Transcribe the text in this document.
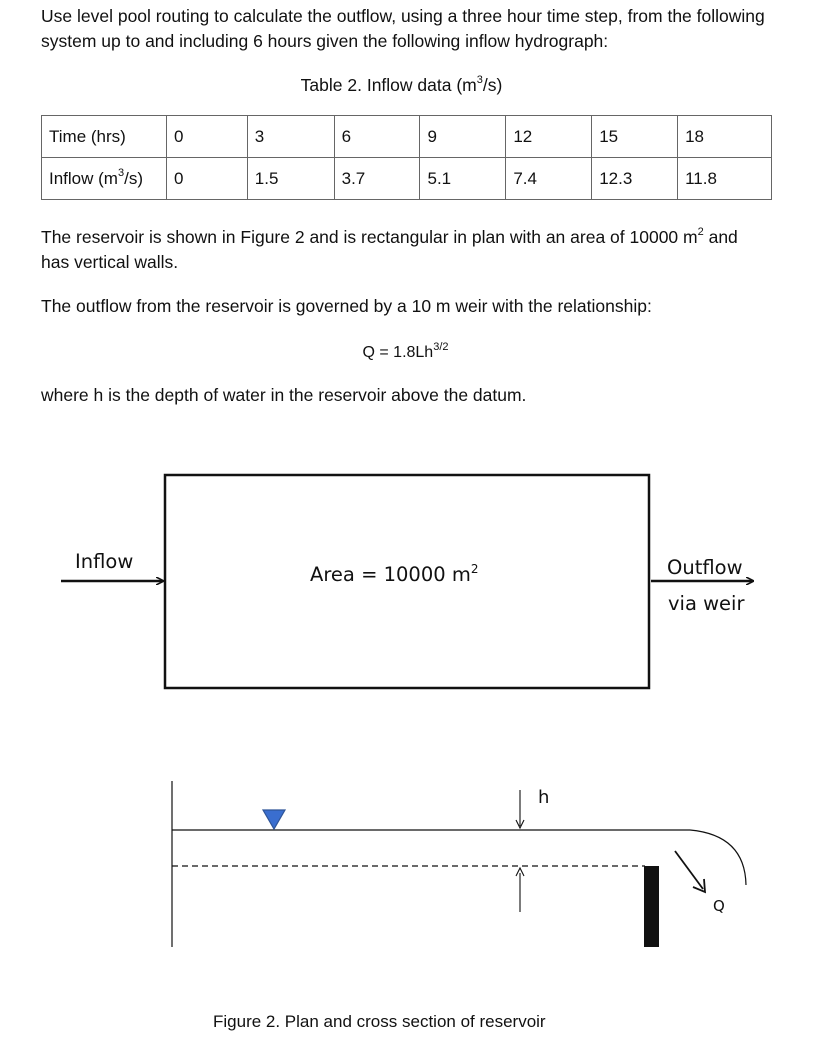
Use level pool routing to calculate the outflow, using a three hour time step, from the following system up to and including 6 hours given the following inflow hydrograph:

Table 2. Inflow data $(m^3/s)$

Time (hrs)	0	3	6	9	12	15	18
Inflow $(m^3/s)$	0	1.5	3.7	5.1	7.4	12.3	11.8

The reservoir is shown in Figure 2 and is rectangular in plan with an area of 10000 $m^2$ and has vertical walls.

The outflow from the reservoir is governed by a 10 m weir with the relationship:

$Q = 1.8Lh^{3/2}$

where h is the depth of water in the reservoir above the datum.

Inflow
Area = 10000 $m^2$	Outflow
via weir
h
Q

Figure 2. Plan and cross section of reservoir
